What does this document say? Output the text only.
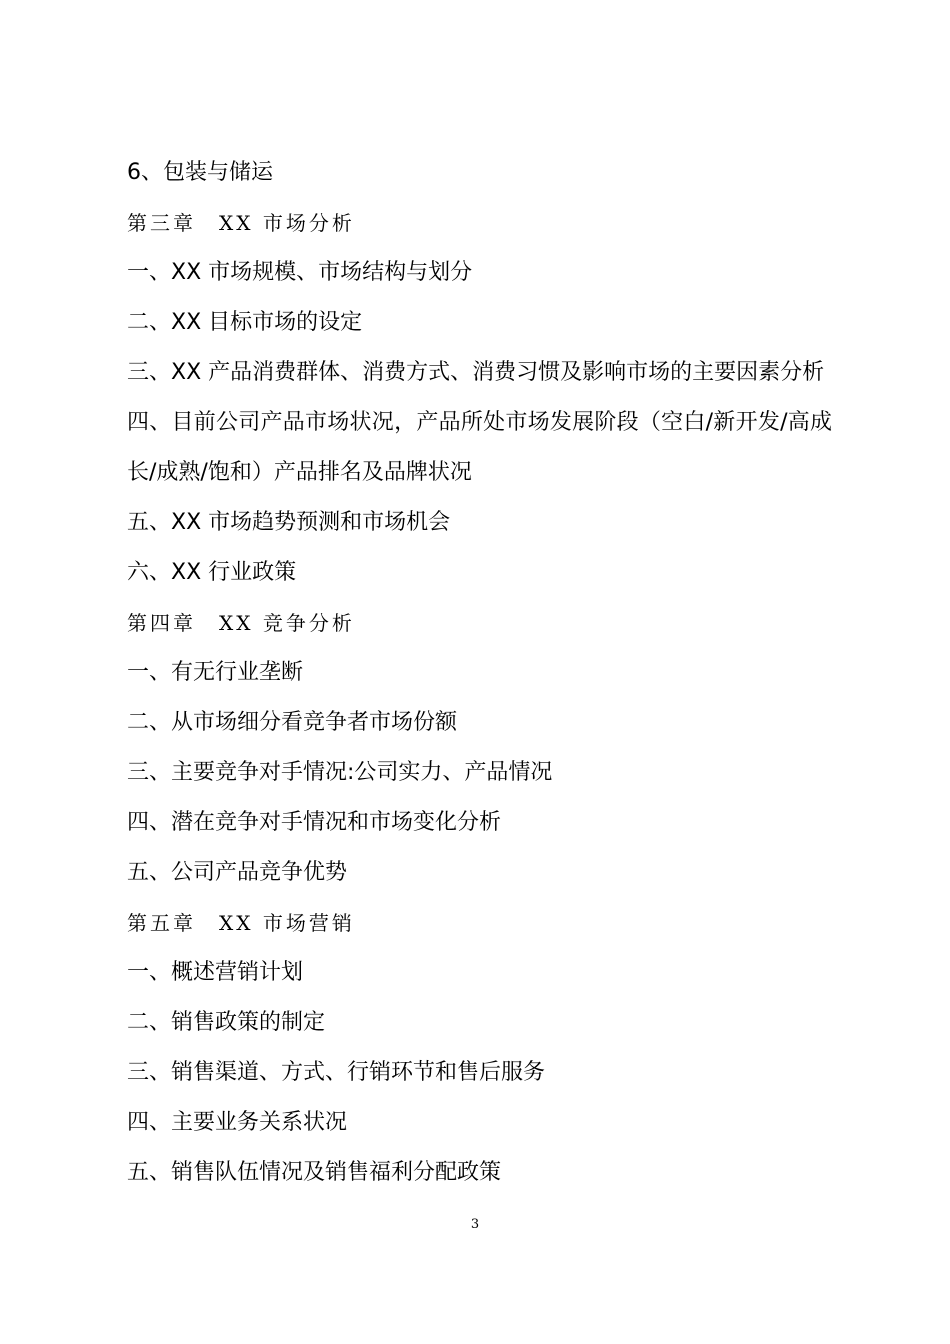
6、包装与储运

第三章　XX 市场分析

一、XX 市场规模、市场结构与划分

二、XX 目标市场的设定

三、XX 产品消费群体、消费方式、消费习惯及影响市场的主要因素分析

四、目前公司产品市场状况，产品所处市场发展阶段（空白/新开发/高成长/成熟/饱和）产品排名及品牌状况

五、XX 市场趋势预测和市场机会

六、XX 行业政策

第四章　XX 竞争分析

一、有无行业垄断

二、从市场细分看竞争者市场份额

三、主要竞争对手情况:公司实力、产品情况

四、潜在竞争对手情况和市场变化分析

五、公司产品竞争优势

第五章　XX 市场营销

一、概述营销计划

二、销售政策的制定

三、销售渠道、方式、行销环节和售后服务

四、主要业务关系状况

五、销售队伍情况及销售福利分配政策

3
